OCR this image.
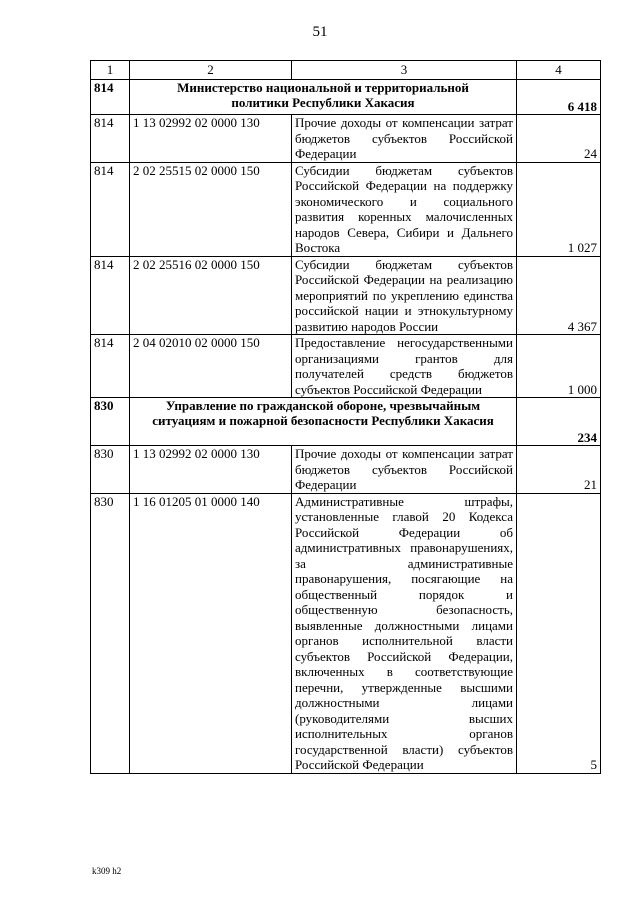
51
1	2	3	4
814	Министерство национальной и территориальной политики Республики Хакасия		6 418
814	1 13 02992 02 0000 130	Прочие доходы от компенсации затрат бюджетов субъектов Российской Федерации	24
814	2 02 25515 02 0000 150	Субсидии бюджетам субъектов Российской Федерации на поддержку экономического и социального развития коренных малочисленных народов Севера, Сибири и Дальнего Востока	1 027
814	2 02 25516 02 0000 150	Субсидии бюджетам субъектов Российской Федерации на реализацию мероприятий по укреплению единства российской нации и этнокультурному развитию народов России	4 367
814	2 04 02010 02 0000 150	Предоставление негосударственными организациями грантов для получателей средств бюджетов субъектов Российской Федерации	1 000
830	Управление по гражданской обороне, чрезвычайным ситуациям и пожарной безопасности Республики Хакасия		234
830	1 13 02992 02 0000 130	Прочие доходы от компенсации затрат бюджетов субъектов Российской Федерации	21
830	1 16 01205 01 0000 140	Административные штрафы, установленные главой 20 Кодекса Российской Федерации об административных правонарушениях, за административные правонарушения, посягающие на общественный порядок и общественную безопасность, выявленные должностными лицами органов исполнительной власти субъектов Российской Федерации, включенных в соответствующие перечни, утвержденные высшими должностными лицами (руководителями высших исполнительных органов государственной власти) субъектов Российской Федерации	5
k309 h2
